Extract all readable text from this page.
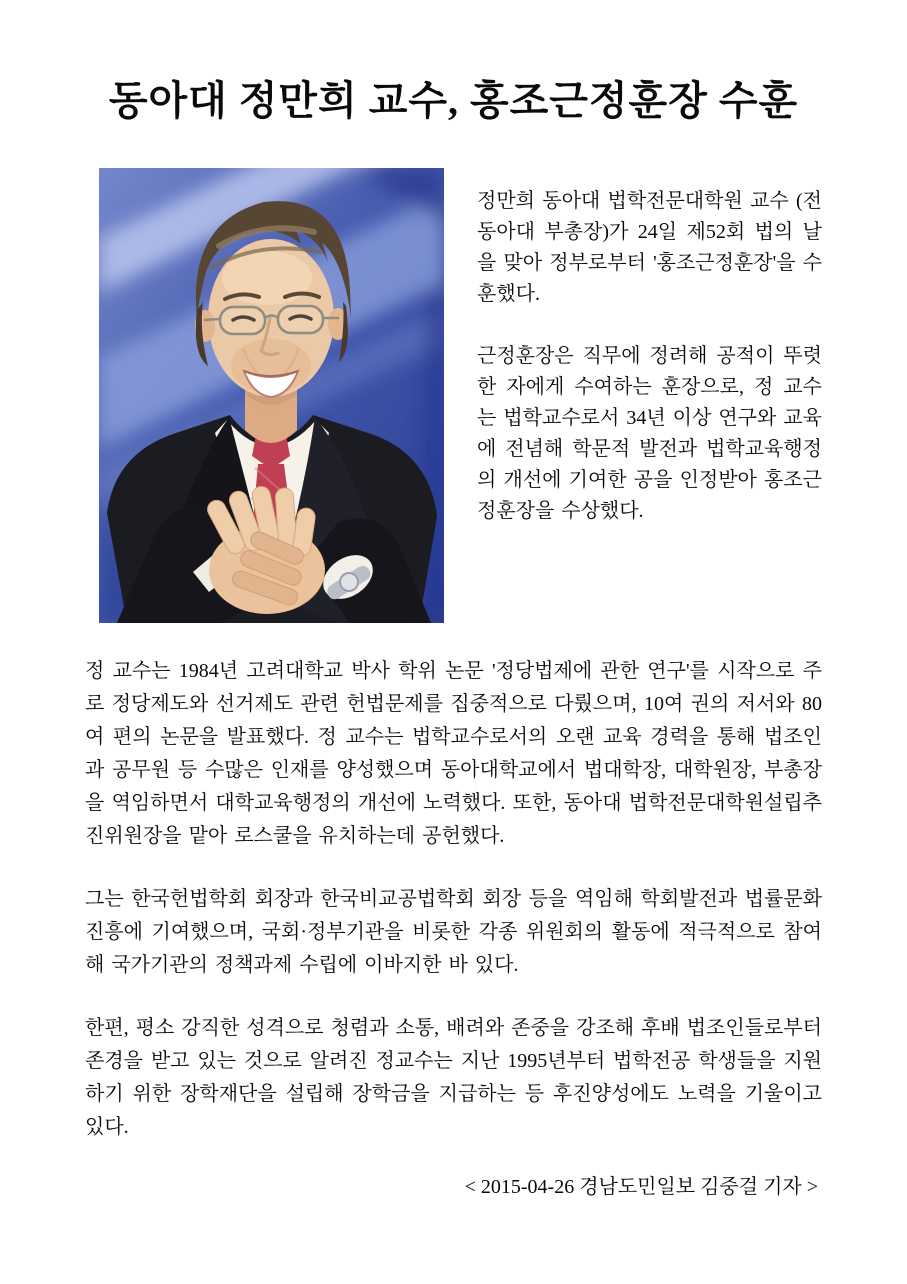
동아대 정만희 교수, 홍조근정훈장 수훈

정만희 동아대 법학전문대학원 교수 (전 동아대 부총장)가 24일 제52회 법의 날을 맞아 정부로부터 '홍조근정훈장'을 수훈했다.

근정훈장은 직무에 정려해 공적이 뚜렷한 자에게 수여하는 훈장으로, 정 교수는 법학교수로서 34년 이상 연구와 교육에 전념해 학문적 발전과 법학교육행정의 개선에 기여한 공을 인정받아 홍조근정훈장을 수상했다.

정 교수는 1984년 고려대학교 박사 학위 논문 '정당법제에 관한 연구'를 시작으로 주로 정당제도와 선거제도 관련 헌법문제를 집중적으로 다뤘으며, 10여 권의 저서와 80여 편의 논문을 발표했다. 정 교수는 법학교수로서의 오랜 교육 경력을 통해 법조인과 공무원 등 수많은 인재를 양성했으며 동아대학교에서 법대학장, 대학원장, 부총장을 역임하면서 대학교육행정의 개선에 노력했다. 또한, 동아대 법학전문대학원설립추진위원장을 맡아 로스쿨을 유치하는데 공헌했다.

그는 한국헌법학회 회장과 한국비교공법학회 회장 등을 역임해 학회발전과 법률문화 진흥에 기여했으며, 국회·정부기관을 비롯한 각종 위원회의 활동에 적극적으로 참여해 국가기관의 정책과제 수립에 이바지한 바 있다.

한편, 평소 강직한 성격으로 청렴과 소통, 배려와 존중을 강조해 후배 법조인들로부터 존경을 받고 있는 것으로 알려진 정교수는 지난 1995년부터 법학전공 학생들을 지원하기 위한 장학재단을 설립해 장학금을 지급하는 등 후진양성에도 노력을 기울이고 있다.

< 2015-04-26 경남도민일보 김중걸 기자 >
